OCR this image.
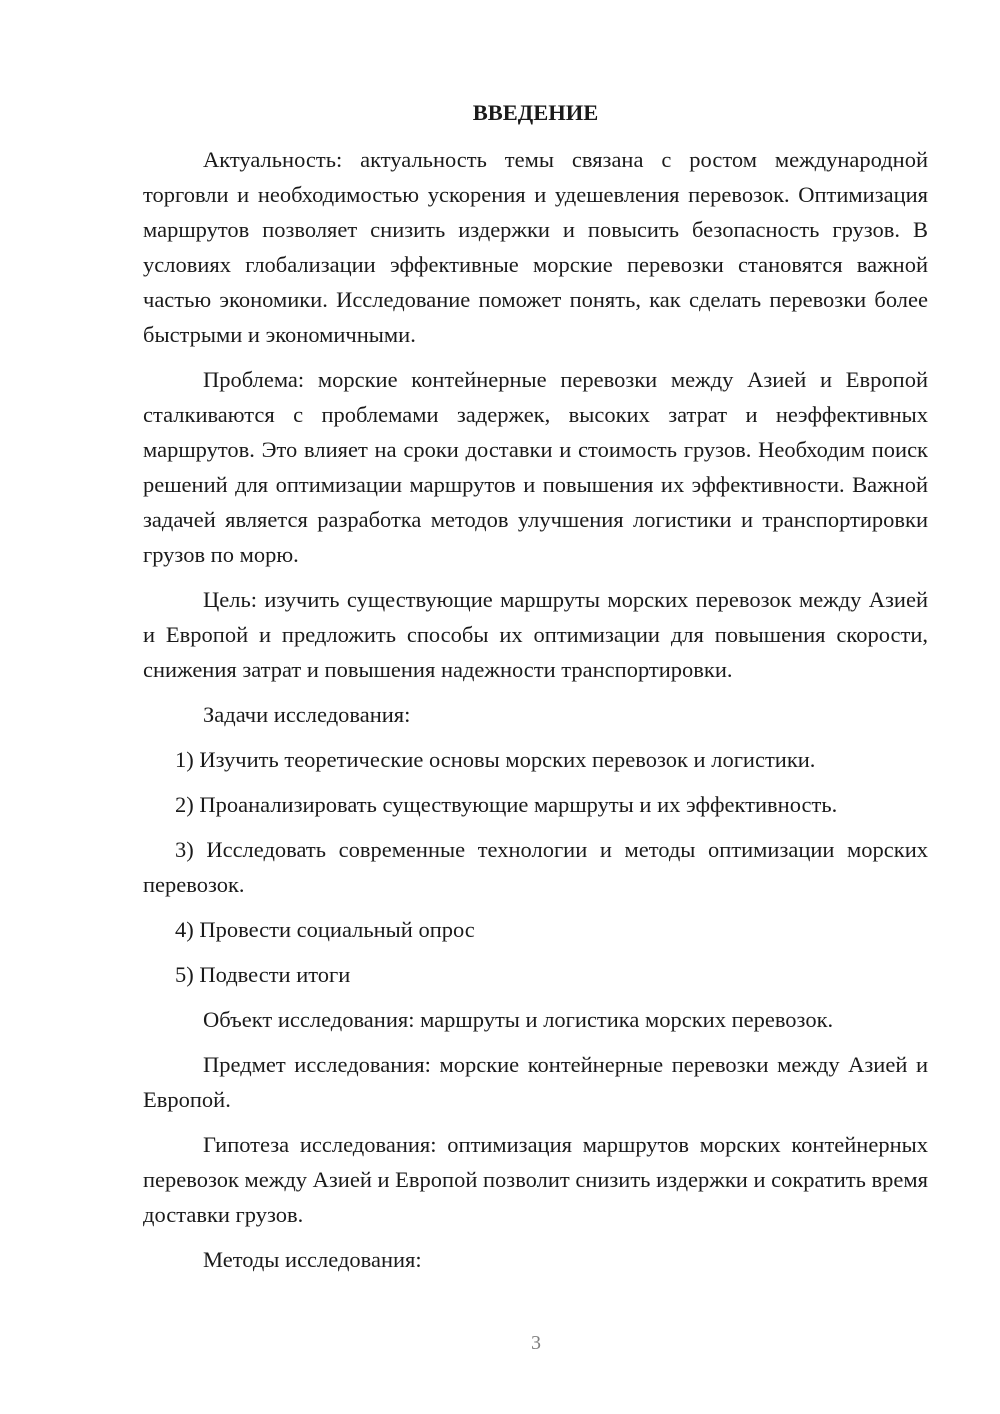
ВВЕДЕНИЕ

Актуальность: актуальность темы связана с ростом международной торговли и необходимостью ускорения и удешевления перевозок. Оптимизация маршрутов позволяет снизить издержки и повысить безопасность грузов. В условиях глобализации эффективные морские перевозки становятся важной частью экономики. Исследование поможет понять, как сделать перевозки более быстрыми и экономичными.

Проблема: морские контейнерные перевозки между Азией и Европой сталкиваются с проблемами задержек, высоких затрат и неэффективных маршрутов. Это влияет на сроки доставки и стоимость грузов. Необходим поиск решений для оптимизации маршрутов и повышения их эффективности. Важной задачей является разработка методов улучшения логистики и транспортировки грузов по морю.

Цель: изучить существующие маршруты морских перевозок между Азией и Европой и предложить способы их оптимизации для повышения скорости, снижения затрат и повышения надежности транспортировки.

Задачи исследования:

1) Изучить теоретические основы морских перевозок и логистики.

2) Проанализировать существующие маршруты и их эффективность.

3) Исследовать современные технологии и методы оптимизации морских перевозок.

4) Провести социальный опрос

5) Подвести итоги

Объект исследования: маршруты и логистика морских перевозок.

Предмет исследования: морские контейнерные перевозки между Азией и Европой.

Гипотеза исследования: оптимизация маршрутов морских контейнерных перевозок между Азией и Европой позволит снизить издержки и сократить время доставки грузов.

Методы исследования:

3
